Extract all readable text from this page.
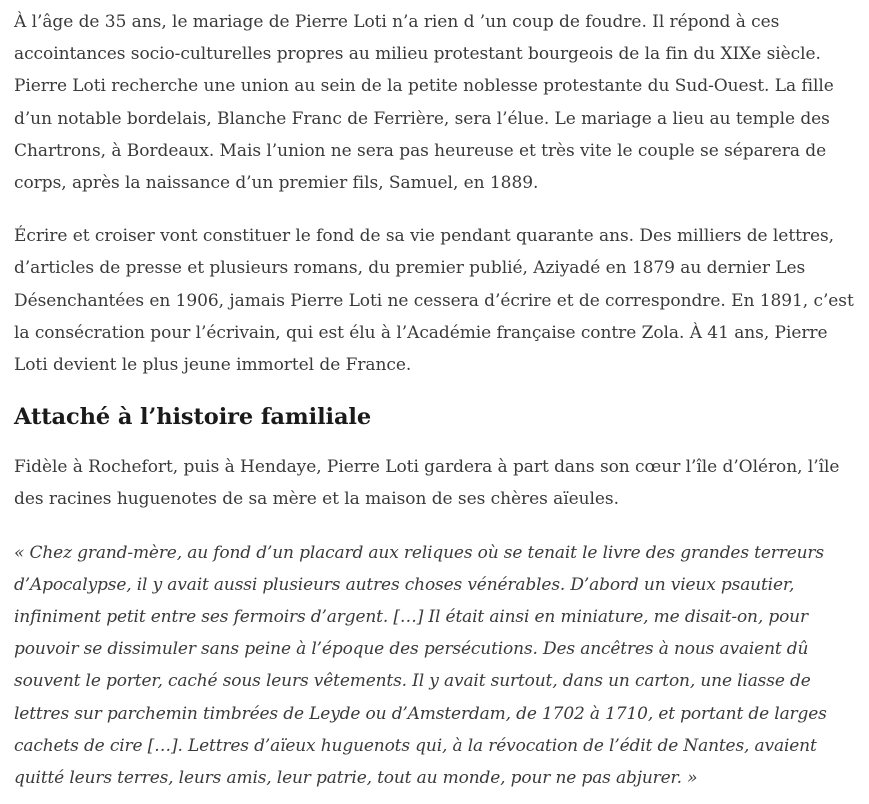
À l’âge de 35 ans, le mariage de Pierre Loti n’a rien d ’un coup de foudre. Il répond à ces accointances socio-culturelles propres au milieu protestant bourgeois de la fin du XIXe siècle. Pierre Loti recherche une union au sein de la petite noblesse protestante du Sud-Ouest. La fille d’un notable bordelais, Blanche Franc de Ferrière, sera l’élue. Le mariage a lieu au temple des Chartrons, à Bordeaux. Mais l’union ne sera pas heureuse et très vite le couple se séparera de corps, après la naissance d’un premier fils, Samuel, en 1889.

Écrire et croiser vont constituer le fond de sa vie pendant quarante ans. Des milliers de lettres, d’articles de presse et plusieurs romans, du premier publié, Aziyadé en 1879 au dernier Les Désenchantées en 1906, jamais Pierre Loti ne cessera d’écrire et de correspondre. En 1891, c’est la consécration pour l’écrivain, qui est élu à l’Académie française contre Zola. À 41 ans, Pierre Loti devient le plus jeune immortel de France.

Attaché à l’histoire familiale

Fidèle à Rochefort, puis à Hendaye, Pierre Loti gardera à part dans son cœur l’île d’Oléron, l’île des racines huguenotes de sa mère et la maison de ses chères aïeules.

« Chez grand-mère, au fond d’un placard aux reliques où se tenait le livre des grandes terreurs d’Apocalypse, il y avait aussi plusieurs autres choses vénérables. D’abord un vieux psautier, infiniment petit entre ses fermoirs d’argent. […] Il était ainsi en miniature, me disait-on, pour pouvoir se dissimuler sans peine à l’époque des persécutions. Des ancêtres à nous avaient dû souvent le porter, caché sous leurs vêtements. Il y avait surtout, dans un carton, une liasse de lettres sur parchemin timbrées de Leyde ou d’Amsterdam, de 1702 à 1710, et portant de larges cachets de cire […]. Lettres d’aïeux huguenots qui, à la révocation de l’édit de Nantes, avaient quitté leurs terres, leurs amis, leur patrie, tout au monde, pour ne pas abjurer. »
